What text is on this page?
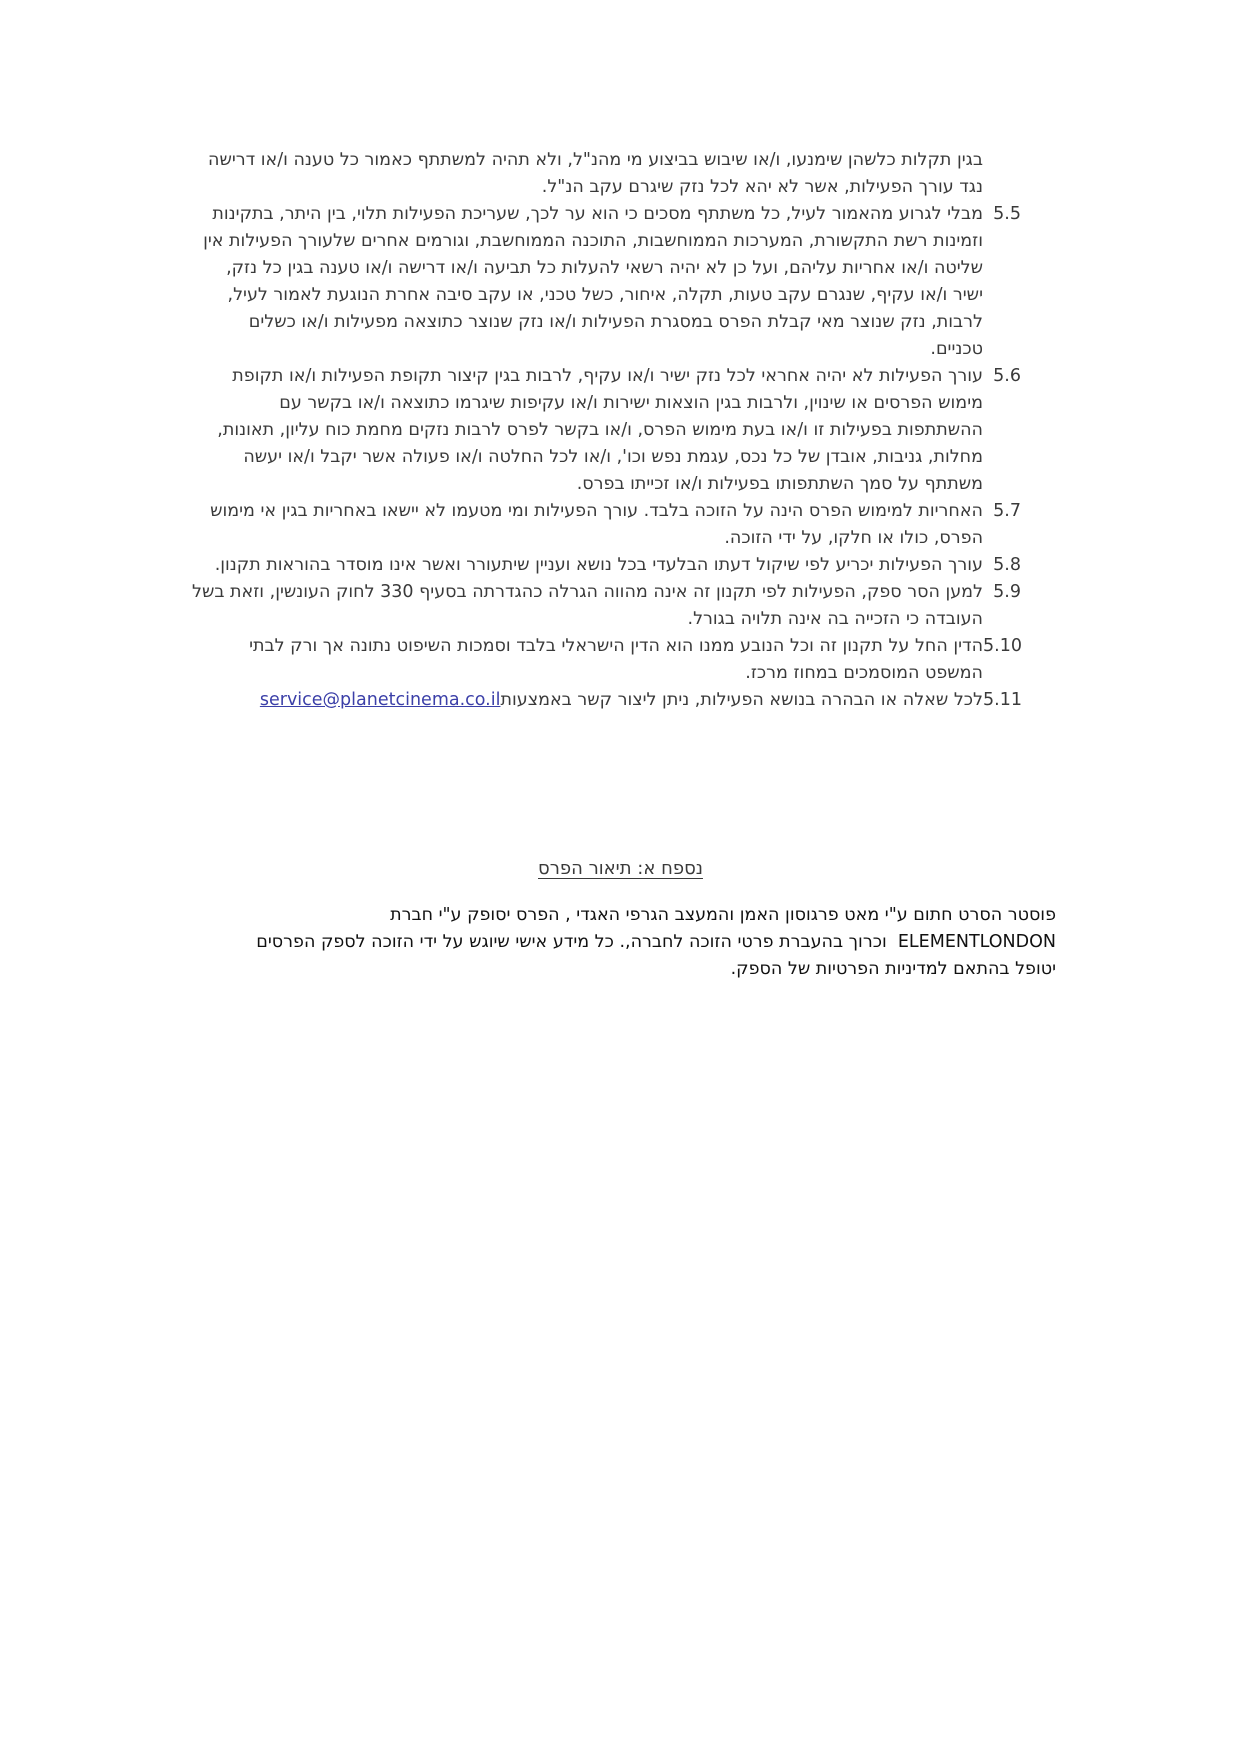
בגין תקלות כלשהן שימנעו, ו/או שיבוש בביצוע מי מהנ"ל, ולא תהיה למשתתף כאמור כל טענה ו/או דרישה
נגד עורך הפעילות, אשר לא יהא לכל נזק שיגרם עקב הנ"ל.
5.5
מבלי לגרוע מהאמור לעיל, כל משתתף מסכים כי הוא ער לכך, שעריכת הפעילות תלוי, בין היתר, בתקינות וזמינות רשת התקשורת, המערכות הממוחשבות, התוכנה הממוחשבת, וגורמים אחרים שלעורך הפעילות אין שליטה ו/או אחריות עליהם, ועל כן לא יהיה רשאי להעלות כל תביעה ו/או דרישה ו/או טענה בגין כל נזק, ישיר ו/או עקיף, שנגרם עקב טעות, תקלה, איחור, כשל טכני, או עקב סיבה אחרת הנוגעת לאמור לעיל, לרבות, נזק שנוצר מאי קבלת הפרס במסגרת הפעילות ו/או נזק שנוצר כתוצאה מפעילות ו/או כשלים טכניים.
5.6
עורך הפעילות לא יהיה אחראי לכל נזק ישיר ו/או עקיף, לרבות בגין קיצור תקופת הפעילות ו/או תקופת מימוש הפרסים או שינוין, ולרבות בגין הוצאות ישירות ו/או עקיפות שיגרמו כתוצאה ו/או בקשר עם ההשתתפות בפעילות זו ו/או בעת מימוש הפרס, ו/או בקשר לפרס לרבות נזקים מחמת כוח עליון, תאונות, מחלות, גניבות, אובדן של כל נכס, עגמת נפש וכו', ו/או לכל החלטה ו/או פעולה אשר יקבל ו/או יעשה משתתף על סמך השתתפותו בפעילות ו/או זכייתו בפרס.
5.7
האחריות למימוש הפרס הינה על הזוכה בלבד. עורך הפעילות ומי מטעמו לא יישאו באחריות בגין אי מימוש הפרס, כולו או חלקו, על ידי הזוכה.
5.8
עורך הפעילות יכריע לפי שיקול דעתו הבלעדי בכל נושא ועניין שיתעורר ואשר אינו מוסדר בהוראות תקנון.
5.9
למען הסר ספק, הפעילות לפי תקנון זה אינה מהווה הגרלה כהגדרתה בסעיף 330 לחוק העונשין, וזאת בשל העובדה כי הזכייה בה אינה תלויה בגורל.
5.10
הדין החל על תקנון זה וכל הנובע ממנו הוא הדין הישראלי בלבד וסמכות השיפוט נתונה אך ורק לבתי המשפט המוסמכים במחוז מרכז.
5.11
לכל שאלה או הבהרה בנושא הפעילות, ניתן ליצור קשר באמצעותservice@planetcinema.co.il
נספח א: תיאור הפרס
פוסטר הסרט חתום ע"י מאט פרגוסון האמן והמעצב הגרפי האגדי , הפרס יסופק ע"י חברת
ELEMENTLONDON  וכרוך בהעברת פרטי הזוכה לחברה,. כל מידע אישי שיוגש על ידי הזוכה לספק הפרסים
יטופל בהתאם למדיניות הפרטיות של הספק.
